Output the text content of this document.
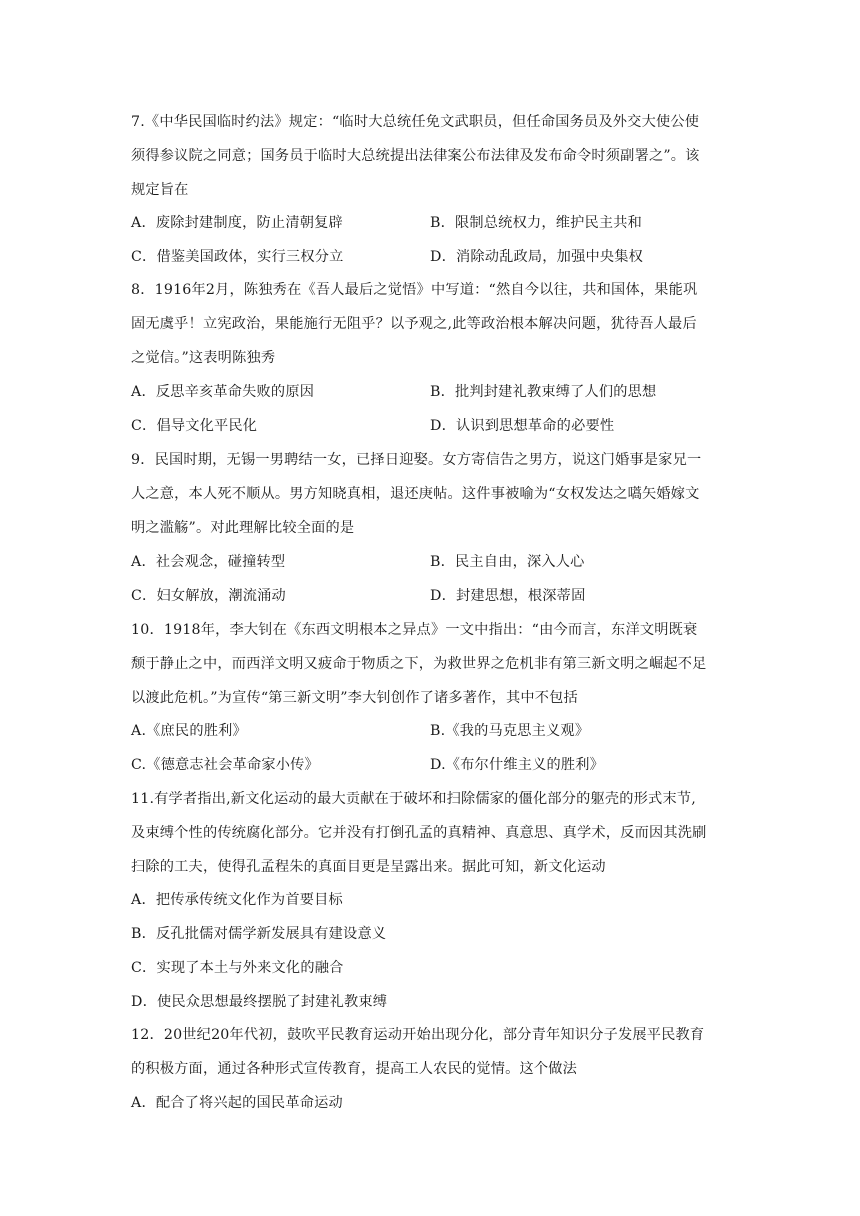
7.《中华民国临时约法》规定：“临时大总统任免文武职员，但任命国务员及外交大使公使
须得参议院之同意；国务员于临时大总统提出法律案公布法律及发布命令时须副署之”。该
规定旨在
A．废除封建制度，防止清朝复辟	B．限制总统权力，维护民主共和
C．借鉴美国政体，实行三权分立	D．消除动乱政局，加强中央集权
8．1916年2月，陈独秀在《吾人最后之觉悟》中写道：“然自今以往，共和国体，果能巩
固无虞乎！立宪政治，果能施行无阻乎？以予观之,此等政治根本解决问题，犹待吾人最后
之觉信。”这表明陈独秀
A．反思辛亥革命失败的原因	B．批判封建礼教束缚了人们的思想
C．倡导文化平民化	D．认识到思想革命的必要性
9．民国时期，无锡一男聘结一女，已择日迎娶。女方寄信告之男方，说这门婚事是家兄一
人之意，本人死不顺从。男方知晓真相，退还庚帖。这件事被喻为“女权发达之嚆矢婚嫁文
明之滥觞”。对此理解比较全面的是
A．社会观念，碰撞转型	B．民主自由，深入人心
C．妇女解放，潮流涌动	D．封建思想，根深蒂固
10．1918年，李大钊在《东西文明根本之异点》一文中指出：“由今而言，东洋文明既衰
颓于静止之中，而西洋文明又疲命于物质之下，为救世界之危机非有第三新文明之崛起不足
以渡此危机。”为宣传“第三新文明”李大钊创作了诸多著作，其中不包括
A.《庶民的胜利》	B.《我的马克思主义观》
C.《德意志社会革命家小传》	D.《布尔什维主义的胜利》
11.有学者指出,新文化运动的最大贡献在于破坏和扫除儒家的僵化部分的躯壳的形式末节,
及束缚个性的传统腐化部分。它并没有打倒孔孟的真精神、真意思、真学术，反而因其洗刷
扫除的工夫，使得孔孟程朱的真面目更是呈露出来。据此可知，新文化运动
A．把传承传统文化作为首要目标
B．反孔批儒对儒学新发展具有建设意义
C．实现了本土与外来文化的融合
D．使民众思想最终摆脱了封建礼教束缚
12．20世纪20年代初，鼓吹平民教育运动开始出现分化，部分青年知识分子发展平民教育
的积极方面，通过各种形式宣传教育，提高工人农民的觉情。这个做法
A．配合了将兴起的国民革命运动
